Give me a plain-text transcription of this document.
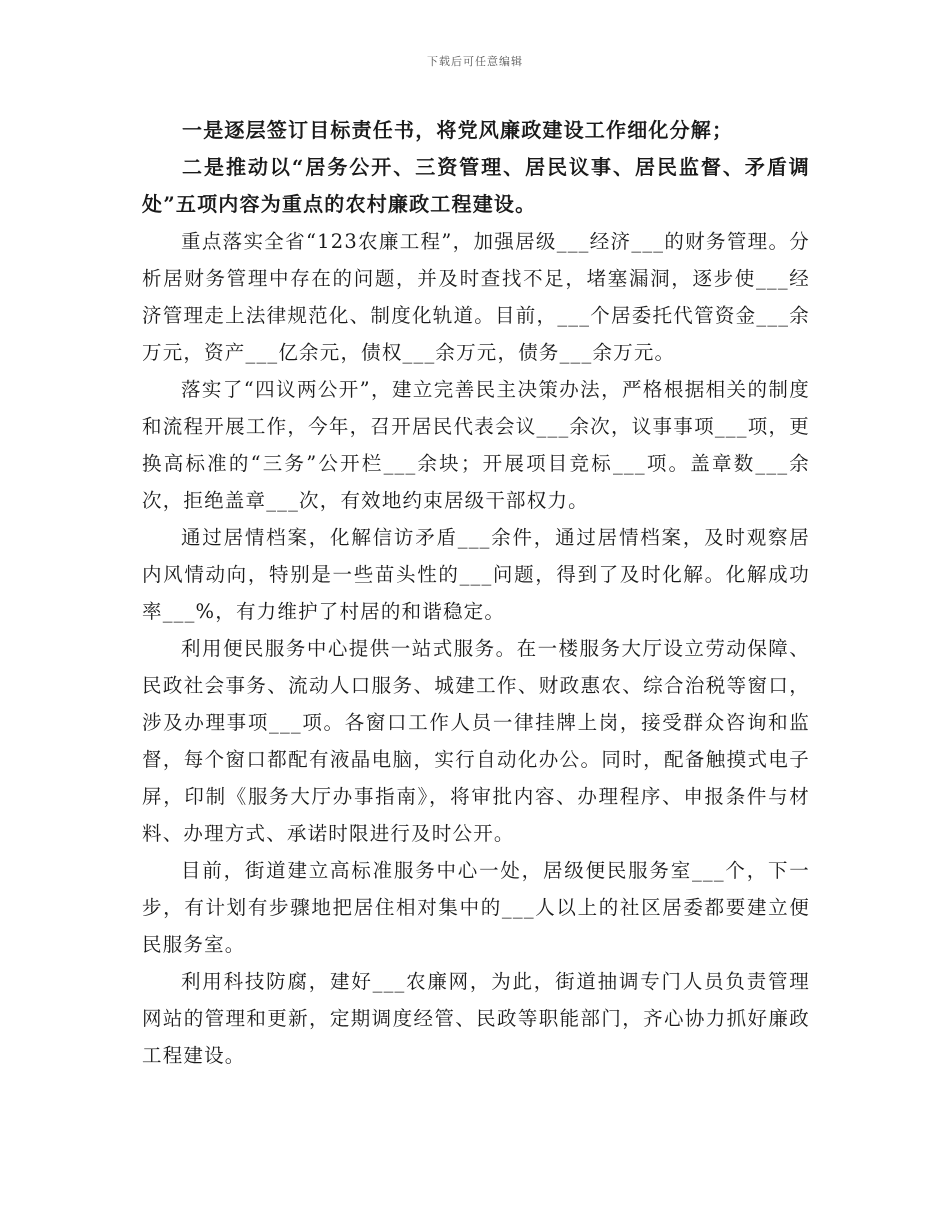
下载后可任意编辑

一是逐层签订目标责任书，将党风廉政建设工作细化分解；

二是推动以“居务公开、三资管理、居民议事、居民监督、矛盾调处”五项内容为重点的农村廉政工程建设。

重点落实全省“123农廉工程”，加强居级___经济___的财务管理。分析居财务管理中存在的问题，并及时查找不足，堵塞漏洞，逐步使___经济管理走上法律规范化、制度化轨道。目前，___个居委托代管资金___余万元，资产___亿余元，债权___余万元，债务___余万元。

落实了“四议两公开”，建立完善民主决策办法，严格根据相关的制度和流程开展工作，今年，召开居民代表会议___余次，议事事项___项，更换高标准的“三务”公开栏___余块；开展项目竞标___项。盖章数___余次，拒绝盖章___次，有效地约束居级干部权力。

通过居情档案，化解信访矛盾___余件，通过居情档案，及时观察居内风情动向，特别是一些苗头性的___问题，得到了及时化解。化解成功率___%，有力维护了村居的和谐稳定。

利用便民服务中心提供一站式服务。在一楼服务大厅设立劳动保障、民政社会事务、流动人口服务、城建工作、财政惠农、综合治税等窗口，涉及办理事项___项。各窗口工作人员一律挂牌上岗，接受群众咨询和监督，每个窗口都配有液晶电脑，实行自动化办公。同时，配备触摸式电子屏，印制《服务大厅办事指南》，将审批内容、办理程序、申报条件与材料、办理方式、承诺时限进行及时公开。

目前，街道建立高标准服务中心一处，居级便民服务室___个，下一步，有计划有步骤地把居住相对集中的___人以上的社区居委都要建立便民服务室。

利用科技防腐，建好___农廉网，为此，街道抽调专门人员负责管理网站的管理和更新，定期调度经管、民政等职能部门，齐心协力抓好廉政工程建设。
